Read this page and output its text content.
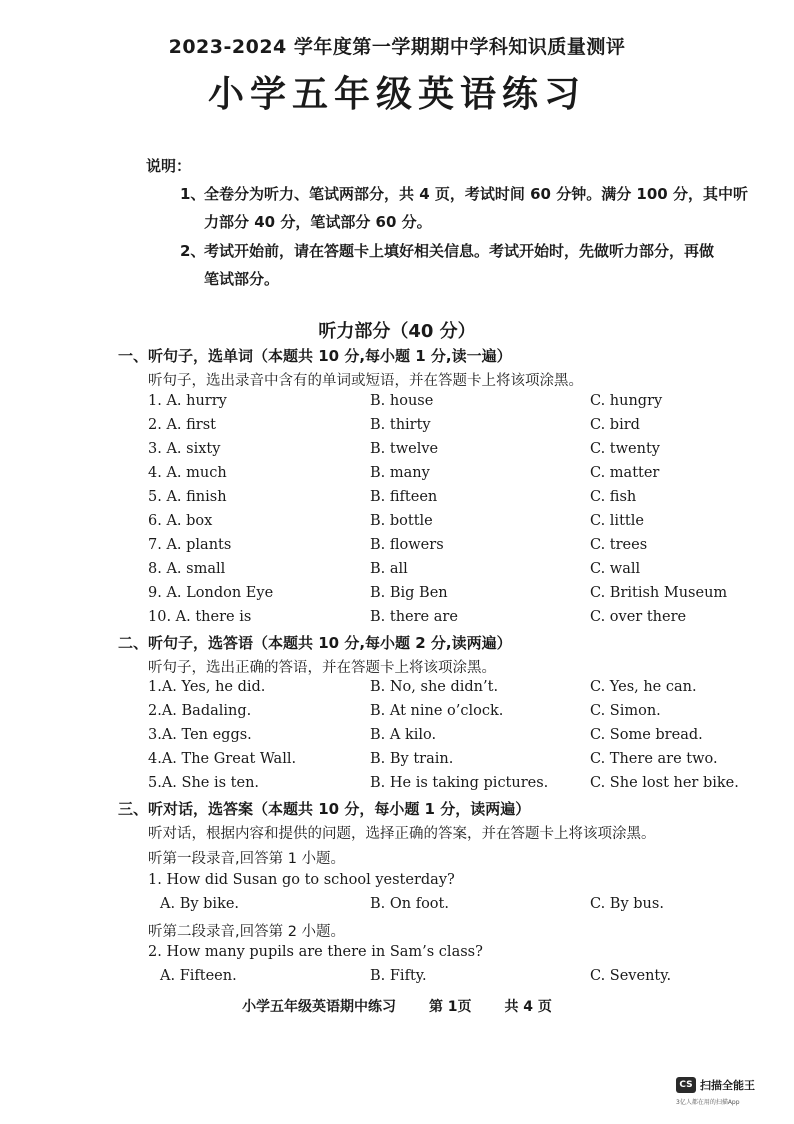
2023-2024 学年度第一学期期中学科知识质量测评
小学五年级英语练习
说明：
1、全卷分为听力、笔试两部分，共 4 页，考试时间 60 分钟。满分 100 分，其中听
力部分 40 分，笔试部分 60 分。
2、考试开始前，请在答题卡上填好相关信息。考试开始时，先做听力部分，再做
笔试部分。
听力部分（40 分）
一、听句子，选单词（本题共 10 分,每小题 1 分,读一遍）
听句子，选出录音中含有的单词或短语，并在答题卡上将该项涂黑。
1. A. hurry	B. house	C. hungry
2. A. first	B. thirty	C. bird
3. A. sixty	B. twelve	C. twenty
4. A. much	B. many	C. matter
5. A. finish	B. fifteen	C. fish
6. A. box	B. bottle	C. little
7. A. plants	B. flowers	C. trees
8. A. small	B. all	C. wall
9. A. London Eye	B. Big Ben	C. British Museum
10. A. there is	B. there are	C. over there
二、听句子，选答语（本题共 10 分,每小题 2 分,读两遍）
听句子，选出正确的答语，并在答题卡上将该项涂黑。
1.A. Yes, he did.	B. No, she didn’t.	C. Yes, he can.
2.A. Badaling.	B. At nine o’clock.	C. Simon.
3.A. Ten eggs.	B. A kilo.	C. Some bread.
4.A. The Great Wall.	B. By train.	C. There are two.
5.A. She is ten.	B. He is taking pictures.	C. She lost her bike.
三、听对话，选答案（本题共 10 分，每小题 1 分，读两遍）
听对话，根据内容和提供的问题，选择正确的答案，并在答题卡上将该项涂黑。
听第一段录音,回答第 1 小题。
1. How did Susan go to school yesterday?
A. By bike.	B. On foot.	C. By bus.
听第二段录音,回答第 2 小题。
2. How many pupils are there in Sam’s class?
A. Fifteen.	B. Fifty.	C. Seventy.
小学五年级英语期中练习 第 1页 共 4 页
CS 扫描全能王
3亿人都在用的扫描App
